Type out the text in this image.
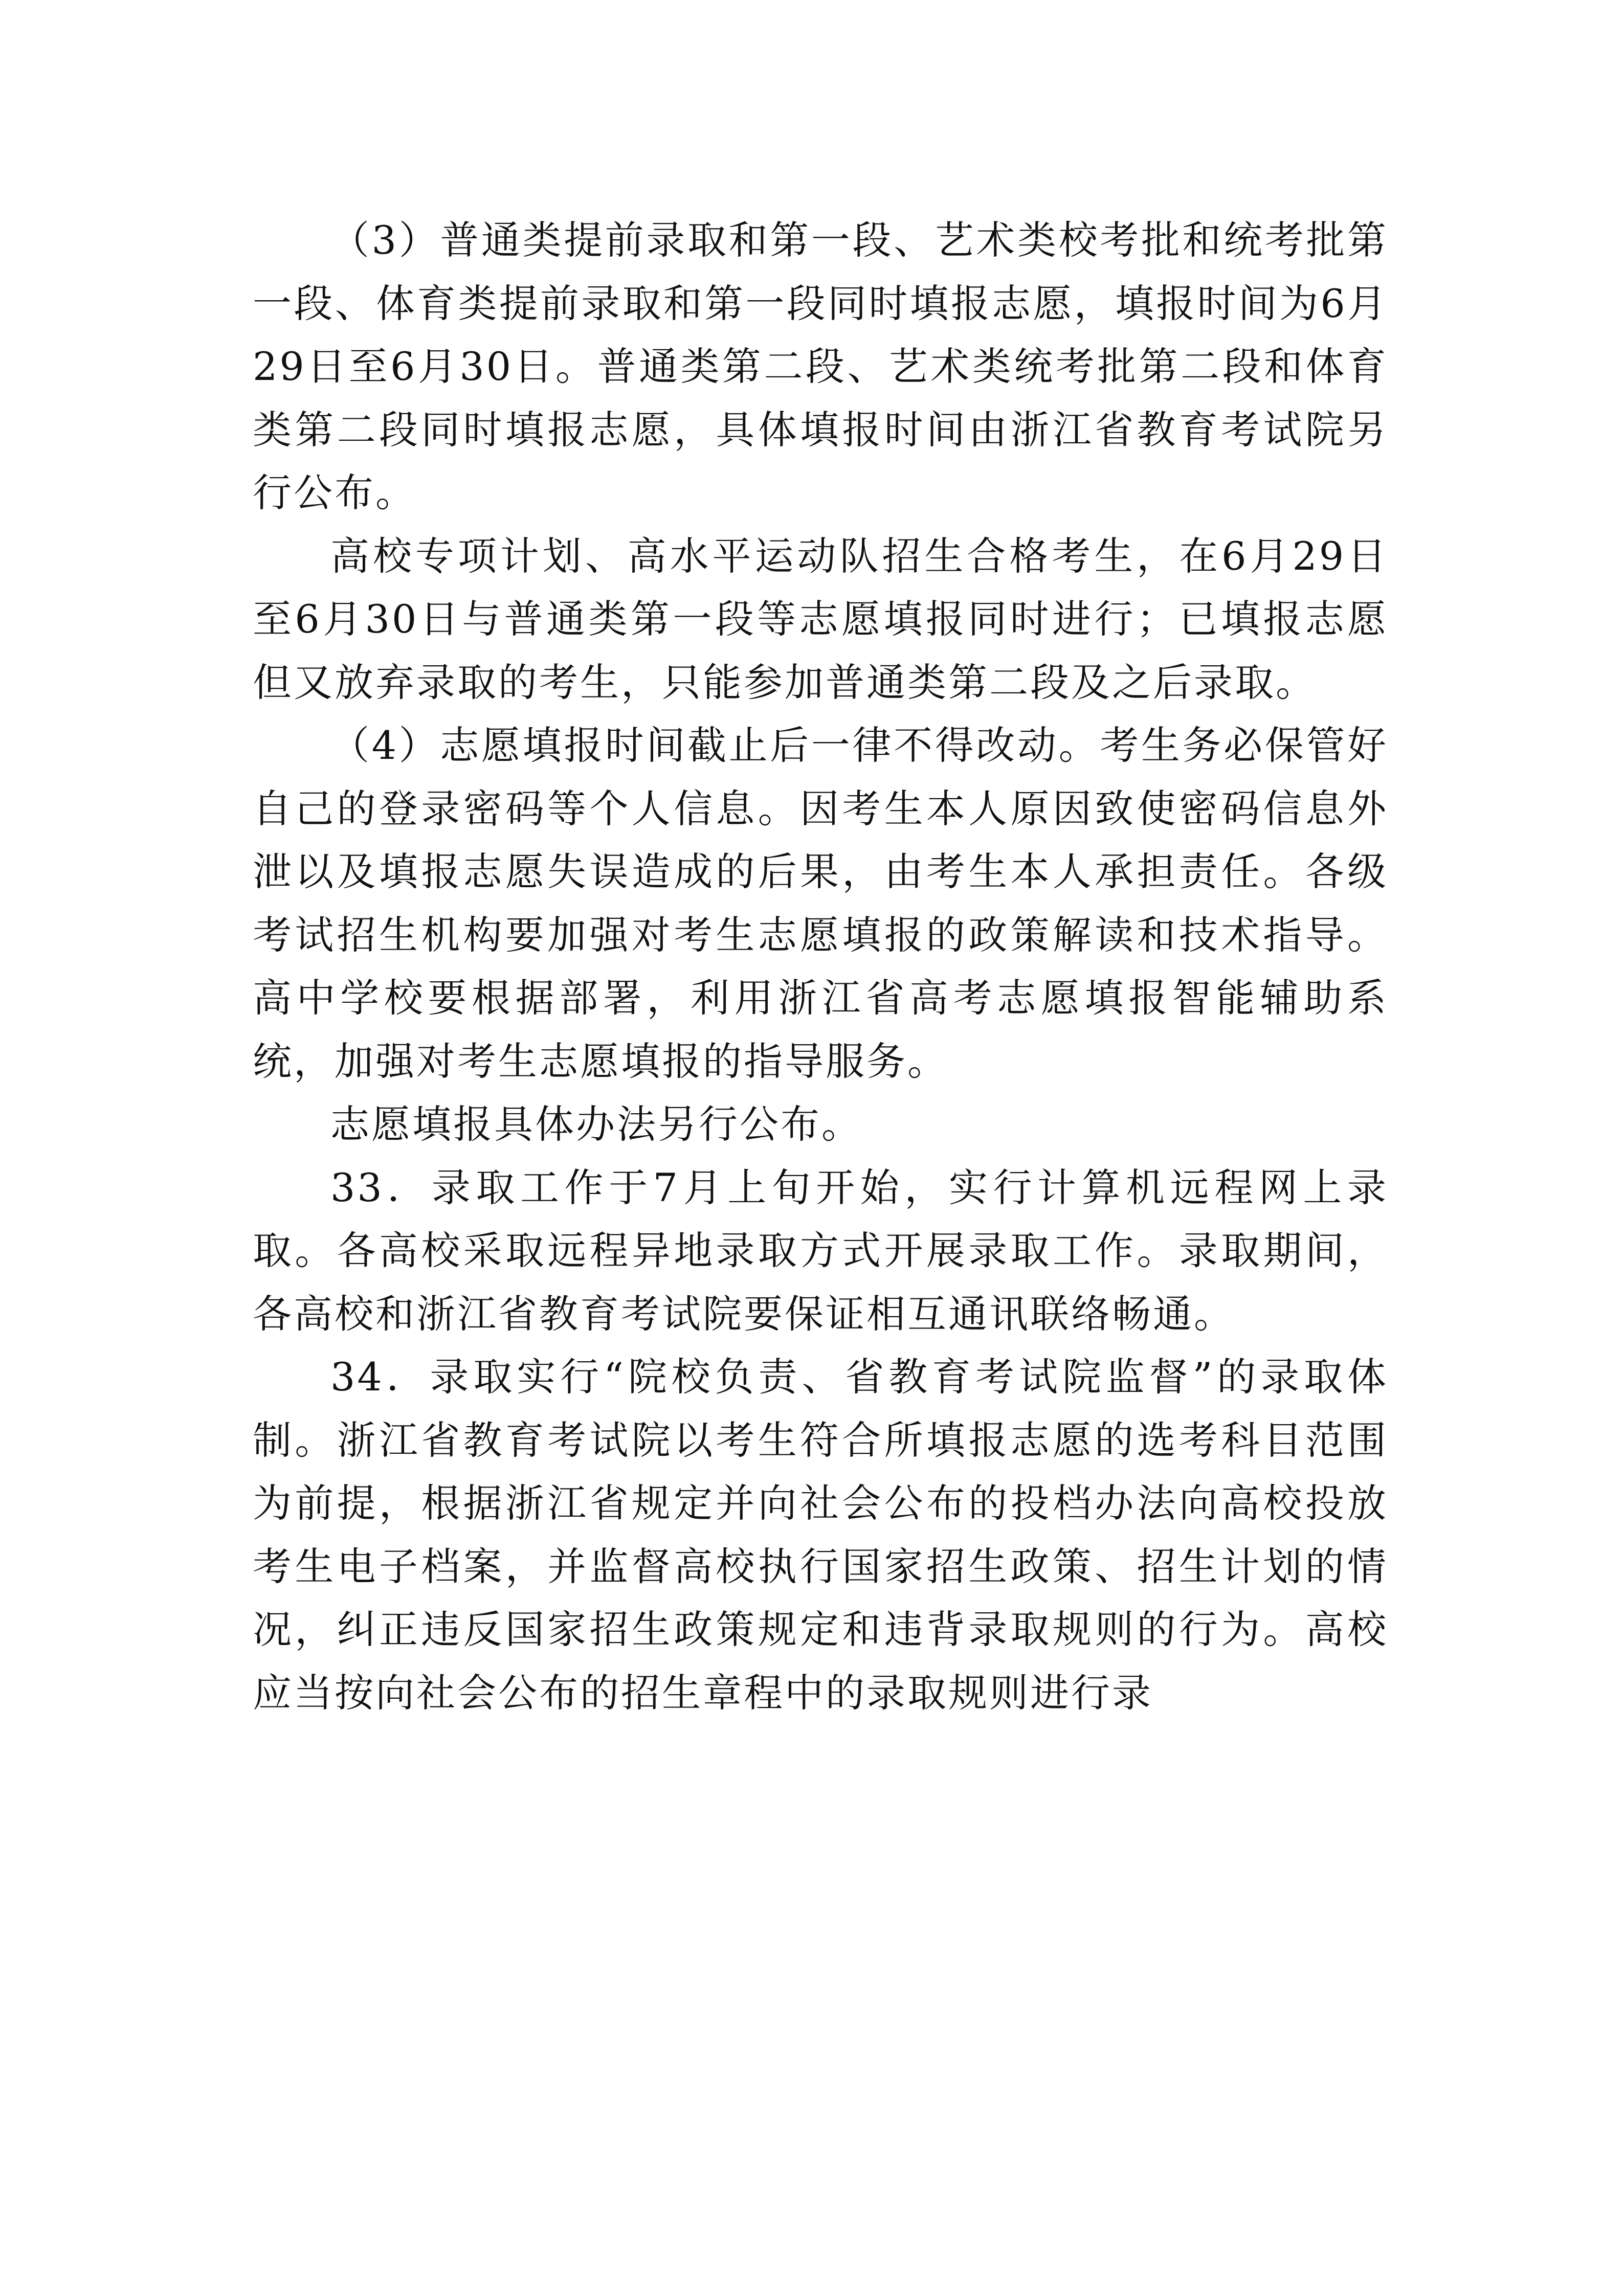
（3）普通类提前录取和第一段、艺术类校考批和统考批第一段、体育类提前录取和第一段同时填报志愿，填报时间为6月29日至6月30日。普通类第二段、艺术类统考批第二段和体育类第二段同时填报志愿，具体填报时间由浙江省教育考试院另行公布。

高校专项计划、高水平运动队招生合格考生，在6月29日至6月30日与普通类第一段等志愿填报同时进行；已填报志愿但又放弃录取的考生，只能参加普通类第二段及之后录取。

（4）志愿填报时间截止后一律不得改动。考生务必保管好自己的登录密码等个人信息。因考生本人原因致使密码信息外泄以及填报志愿失误造成的后果，由考生本人承担责任。各级考试招生机构要加强对考生志愿填报的政策解读和技术指导。高中学校要根据部署，利用浙江省高考志愿填报智能辅助系统，加强对考生志愿填报的指导服务。

志愿填报具体办法另行公布。

33．录取工作于7月上旬开始，实行计算机远程网上录取。各高校采取远程异地录取方式开展录取工作。录取期间，各高校和浙江省教育考试院要保证相互通讯联络畅通。

34．录取实行“院校负责、省教育考试院监督”的录取体制。浙江省教育考试院以考生符合所填报志愿的选考科目范围为前提，根据浙江省规定并向社会公布的投档办法向高校投放考生电子档案，并监督高校执行国家招生政策、招生计划的情况，纠正违反国家招生政策规定和违背录取规则的行为。高校应当按向社会公布的招生章程中的录取规则进行录
